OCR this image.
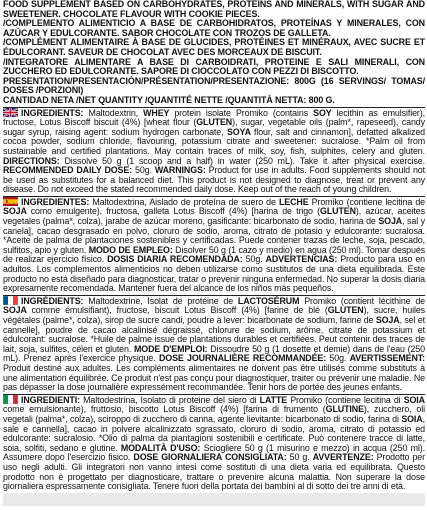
FOOD SUPPLEMENT BASED ON CARBOHYDRATES, PROTEINS AND MINERALS, WITH SUGAR AND SWEETENER. CHOCOLATE FLAVOUR WITH COOKIE PIECES.

/COMPLEMENTO ALIMENTICIO A BASE DE CARBOHIDRATOS, PROTEÍNAS Y MINERALES, CON AZÚCAR Y EDULCORANTE. SABOR CHOCOLATE CON TROZOS DE GALLETA.

/COMPLÉMENT ALIMENTAIRE À BASE DE GLUCIDES, PROTÉINES ET MINÉRAUX, AVEC SUCRE ET ÉDULCORANT. SAVEUR DE CHOCOLAT AVEC DES MORCEAUX DE BISCUIT.

/INTEGRATORE ALIMENTARE A BASE DI CARBOIDRATI, PROTEINE E SALI MINERALI, CON ZUCCHERO ED EDULCORANTE. SAPORE DI CIOCCOLATO CON PEZZI DI BISCOTTO.

PRESENTATION/PRESENTACIÓN/PRÉSENTATION/PRESENTAZIONE: 800G (16 SERVINGS/ TOMAS/ DOSES /PORZIONI)

CANTIDAD NETA /NET QUANTITY /QUANTITÉ NETTE /QUANTITÀ NETTA: 800 G.

INGREDIENTS: Maltodextrin, WHEY protein isolate Promiko (contains SOY lecithin as emulsifier), fructose, Lotus Biscoff biscuit (4%) [wheat flour (GLUTEN), sugar, vegetable oils (palm*, rapeseed), candy sugar syrup, raising agent: sodium hydrogen carbonate, SOYA flour, salt and cinnamon], defatted alkalized cocoa powder, sodium chloride, flavouring, potassium citrate and sweetener: sucralose. *Palm oil from sustainable and certified plantations. May contain traces of milk, soy, fish, sulphites, celery and gluten. DIRECTIONS: Dissolve 50 g (1 scoop and a half) in water (250 mL). Take it after physical exercise. RECOMMENDED DAILY DOSE: 50g. WARNINGS: Product for use in adults. Food supplements should not be used as substitutes for a balanced diet. This product is not designed to diagnose, treat or prevent any disease. Do not exceed the stated recommended daily dose. Keep out of the reach of young children.

INGREDIENTES: Maltodextrina, Aislado de proteína de suero de LECHE Promiko (contiene lecitina de SOJA como emulgente), fructosa, galleta Lotus Biscoff (4%) [harina de trigo (GLUTEN), azúcar, aceites vegetales (palma*, colza), jarabe de azúcar moreno, gasificante: bicarbonato de sodio, harina de SOJA, sal y canela], cacao desgrasado en polvo, cloruro de sodio, aroma, citrato de potasio y edulcorante: sucralosa. *Aceite de palma de plantaciones sostenibles y certificadas. Puede contener trazas de leche, soja, pescado, sulfitos, apio y gluten. MODO DE EMPLEO: Disolver 50 g (1 cazo y medio) en agua (250 ml). Tomar después de realizar ejercicio físico. DOSIS DIARIA RECOMENDADA: 50g. ADVERTENCIAS: Producto para uso en adultos. Los complementos alimenticios no deben utilizarse como sustitutos de una dieta equilibrada. Este producto no está diseñado para diagnosticar, tratar o prevenir ninguna enfermedad. No superar la dosis diaria expresamente recomendada. Mantener fuera del alcance de los niños más pequeños.

INGRÉDIENTS: Maltodextrine, Isolat de protéine de LACTOSÉRUM Promiko (contient lécithine de SOJA comme émulsifiant), fructose, biscuit Lotus Biscoff (4%) [farine de blé (GLUTEN), sucre, huiles végétales (palme*, colza), sirop de sucre candi, poudre à lever: bicarbonate de sodium, farine de SOJA, sel et cannelle], poudre de cacao alcalinisé dégraissé, chlorure de sodium, arôme, citrate de potassium et édulcorant: sucralose. *Huile de palme issue de plantations durables et certifiées. Peut contenir des traces de lait, soja, sulfites, céleri et gluten. MODE D'EMPLOI: Dissoudre 50 g (1 dosette et demie) dans de l'eau (250 mL). Prenez après l'exercice physique. DOSE JOURNALIÈRE RECOMMANDÉE: 50g. AVERTISSEMENT: Produit destiné aux adultes. Les compléments alimentaires ne doivent pas être utilisés comme substituts à une alimentation équilibrée. Ce produit n'est pas conçu pour diagnostiquer, traiter ou prévenir une maladie. Ne pas dépasser la dose journalière expressément recommandée. Tenir hors de portée des jeunes enfants.

INGREDIENTI: Maltodestrina, Isolato di proteine del siero di LATTE Promiko (contiene lecitina di SOIA come emulsionante), fruttosio, biscotto Lotus Biscoff (4%) [farina di frumento (GLUTINE), zucchero, oli vegetali (palma*, colza), sciroppo di zucchero di canna, agente lievitante: bicarbonato di sodio, farina di SOIA, sale e cannella], cacao in polvere alcalinizzato sgrassato, cloruro di sodio, aroma, citrato di potassio ed edulcorante: sucralosio. *Olio di palma da piantagioni sostenibili e certificate. Può contenere tracce di latte, soia, solfiti, sedano e glutine. MODALITÀ D'USO: Sciogliere 50 g (1 misurino e mezzo) in acqua (250 ml). Assumere dopo l'esercizio fisico. DOSE GIORNALIERA CONSIGLIATA: 50 g. AVVERTENZE: Prodotto per uso negli adulti. Gli integratori non vanno intesi come sostituti di una dieta varia ed equilibrata. Questo prodotto non è progettato per diagnosticare, trattare o prevenire alcuna malattia. Non superare la dose giornaliera espressamente consigliata. Tenere fuori della portata dei bambini al di sotto dei tre anni di età.
